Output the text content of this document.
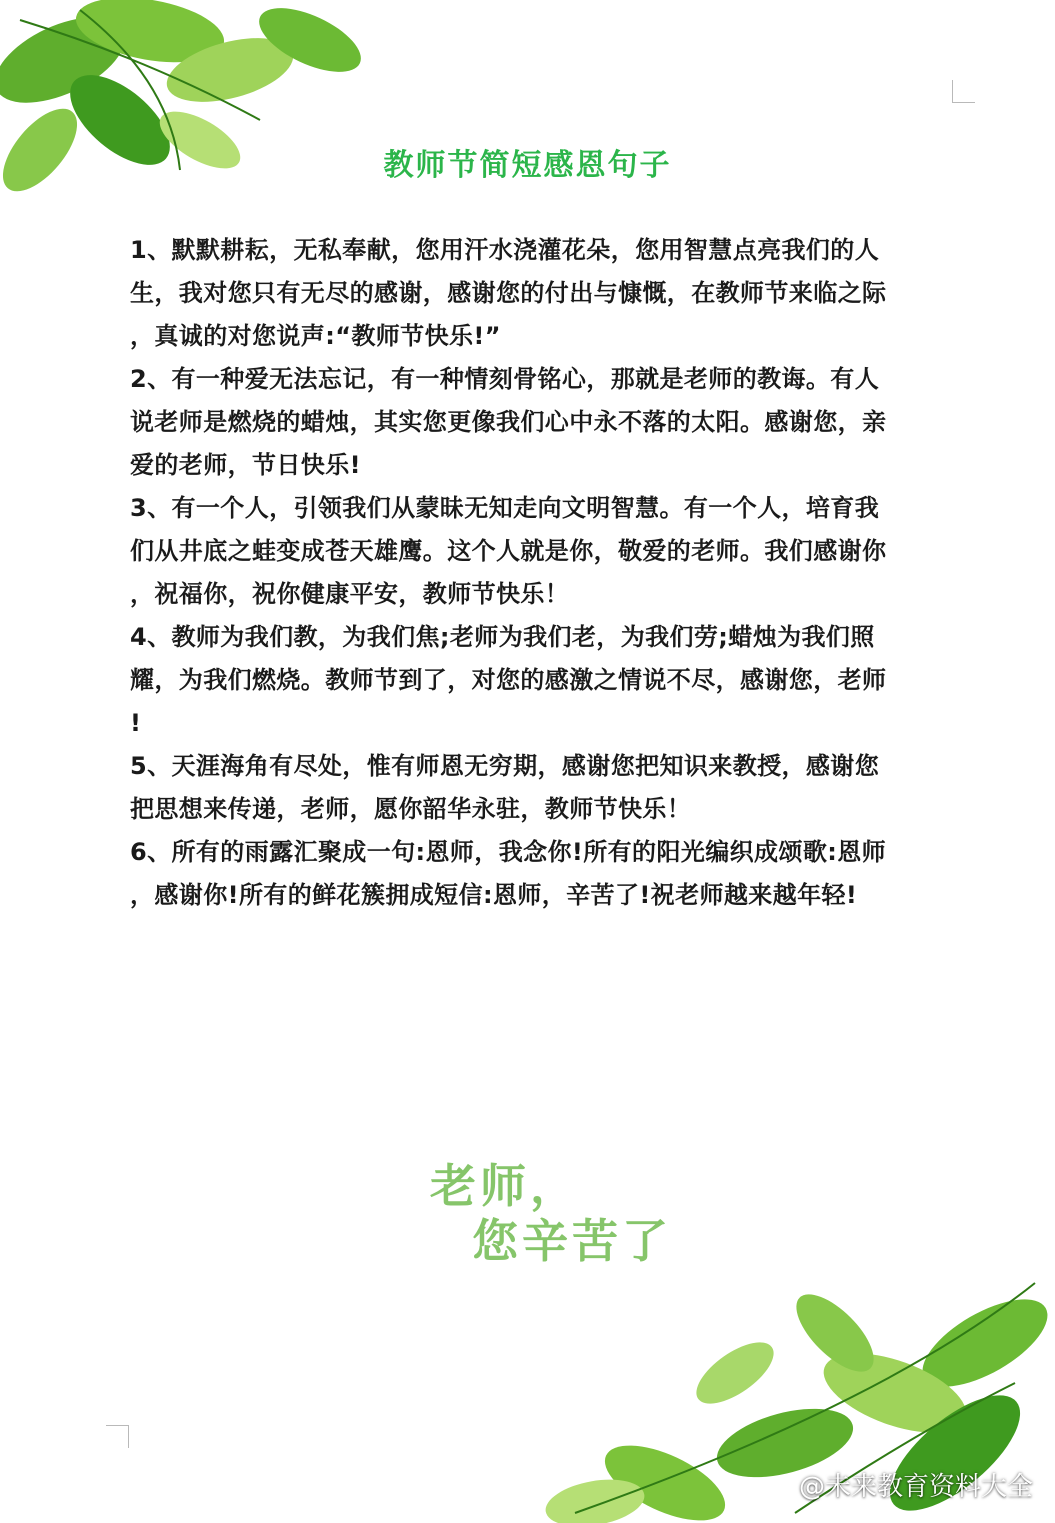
教师节简短感恩句子
1、默默耕耘，无私奉献，您用汗水浇灌花朵，您用智慧点亮我们的人
生，我对您只有无尽的感谢，感谢您的付出与慷慨，在教师节来临之际
，真诚的对您说声:“教师节快乐!”
2、有一种爱无法忘记，有一种情刻骨铭心，那就是老师的教诲。有人
说老师是燃烧的蜡烛，其实您更像我们心中永不落的太阳。感谢您，亲
爱的老师，节日快乐!
3、有一个人，引领我们从蒙昧无知走向文明智慧。有一个人，培育我
们从井底之蛙变成苍天雄鹰。这个人就是你，敬爱的老师。我们感谢你
，祝福你，祝你健康平安，教师节快乐！
4、教师为我们教，为我们焦;老师为我们老，为我们劳;蜡烛为我们照
耀，为我们燃烧。教师节到了，对您的感激之情说不尽，感谢您，老师
!
5、天涯海角有尽处，惟有师恩无穷期，感谢您把知识来教授，感谢您
把思想来传递，老师，愿你韶华永驻，教师节快乐！
6、所有的雨露汇聚成一句:恩师，我念你!所有的阳光编织成颂歌:恩师
，感谢你!所有的鲜花簇拥成短信:恩师，辛苦了!祝老师越来越年轻!
老师，
您辛苦了
@未来教育资料大全
